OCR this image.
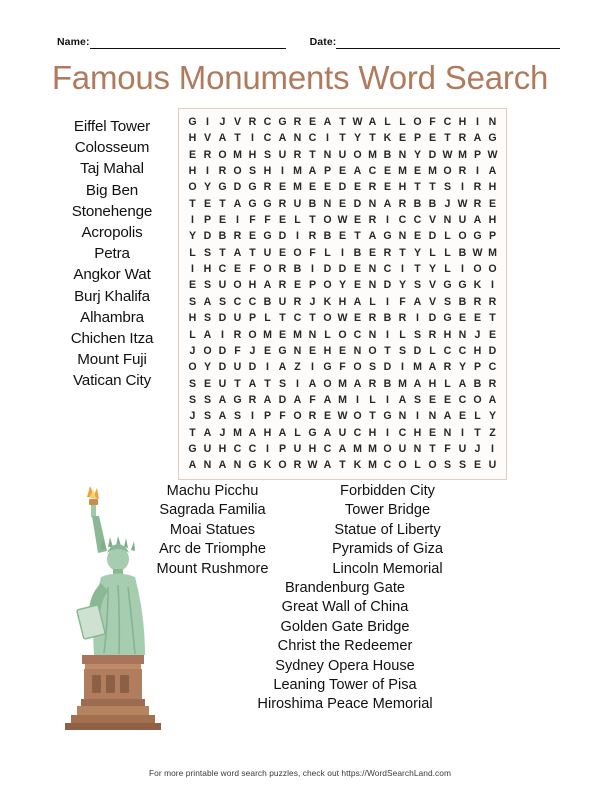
Name:	Date:
Famous Monuments Word Search
Eiffel Tower
Colosseum
Taj Mahal
Big Ben
Stonehenge
Acropolis
Petra
Angkor Wat
Burj Khalifa
Alhambra
Chichen Itza
Mount Fuji
Vatican City
G I J V R C G R E A T W A L L O F C H I N
H V A T I C A N C I T Y T K E P E T R A G
E R O M H S U R T N U O M B N Y D W M P W
H I R O S H I M A P E A C E M E M O R I A
O Y G D G R E M E E D E R E H T T S I R H
T E T A G G R U B N E D N A R B B J W R E
I P E I F F E L T O W E R I C C V N U A H
Y D B R E G D I R B E T A G N E D L O G P
L S T A T U E O F L I B E R T Y L L B W M
I H C E F O R B I D D E N C I T Y L I O O
E S U O H A R E P O Y E N D Y S V G G K I
S A S C C B U R J K H A L I F A V S B R R
H S D U P L T C T O W E R B R I D G E E T
L A I R O M E M N L O C N I L S R H N J E
J O D F J E G N E H E N O T S D L C C H D
O Y D U D I A Z I G F O S D I M A R Y P C
S E U T A T S I A O M A R B M A H L A B R
S S A G R A D A F A M I L I A S E E C O A
J S A S I P F O R E W O T G N I N A E L Y
T A J M A H A L G A U C H I C H E N I T Z
G U H C C I P U H C A M M O U N T F U J I
A N A N G K O R W A T K M C O L O S S E U
Machu Picchu
Sagrada Familia
Moai Statues
Arc de Triomphe
Mount Rushmore
Forbidden City
Tower Bridge
Statue of Liberty
Pyramids of Giza
Lincoln Memorial
Brandenburg Gate
Great Wall of China
Golden Gate Bridge
Christ the Redeemer
Sydney Opera House
Leaning Tower of Pisa
Hiroshima Peace Memorial
For more printable word search puzzles, check out https://WordSearchLand.com
